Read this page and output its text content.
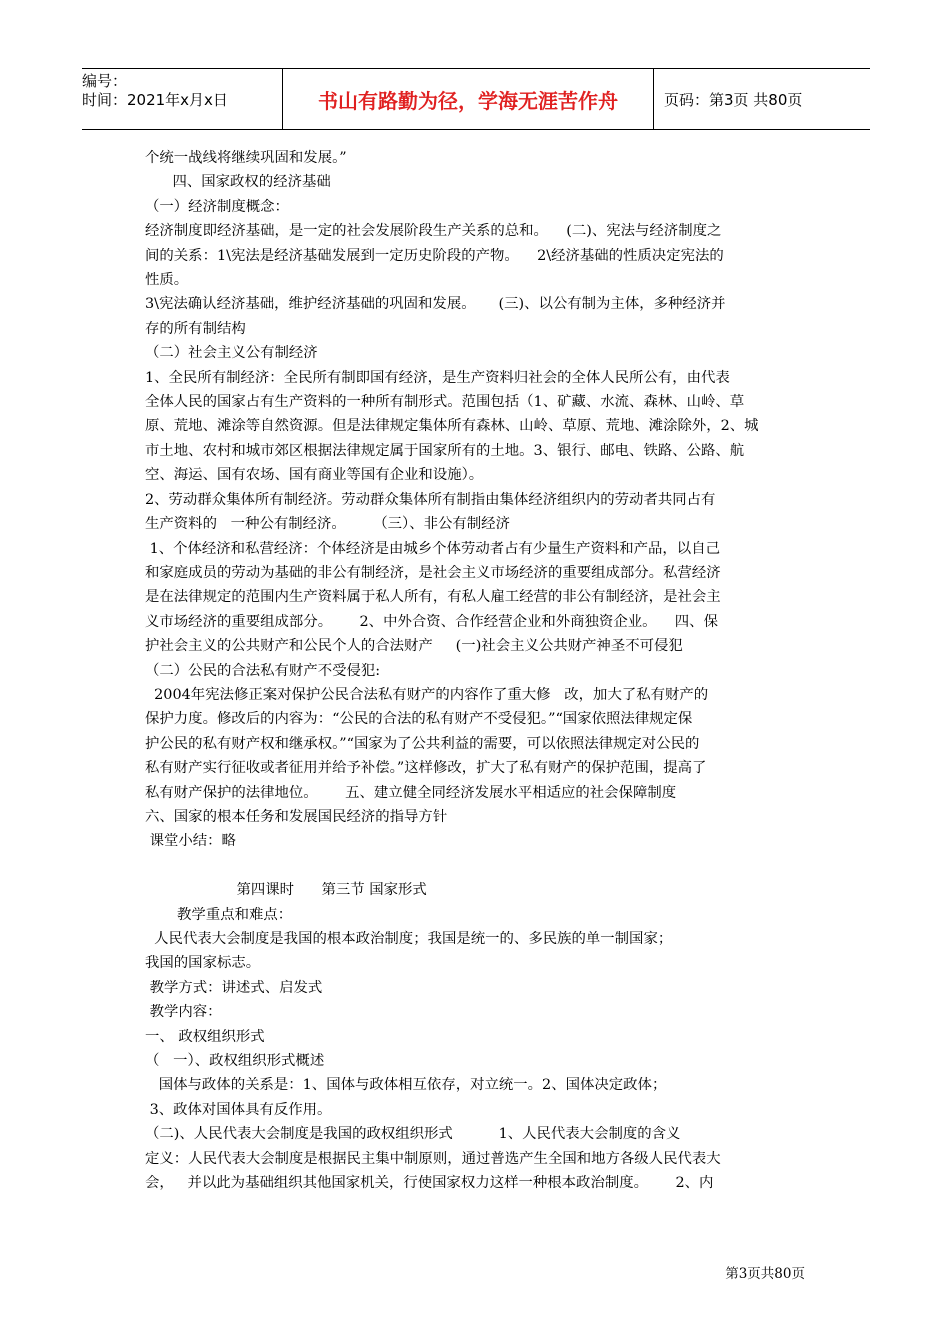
编号：
时间：2021年x月x日	书山有路勤为径，学海无涯苦作舟	页码：第3页 共80页

个统一战线将继续巩固和发展。”

四、国家政权的经济基础

（一）经济制度概念：

经济制度即经济基础，是一定的社会发展阶段生产关系的总和。    (二)、宪法与经济制度之

间的关系：1\宪法是经济基础发展到一定历史阶段的产物。    2\经济基础的性质决定宪法的

性质。

3\宪法确认经济基础，维护经济基础的巩固和发展。     (三)、以公有制为主体，多种经济并

存的所有制结构

（二）社会主义公有制经济

1、全民所有制经济：全民所有制即国有经济，是生产资料归社会的全体人民所公有，由代表

全体人民的国家占有生产资料的一种所有制形式。范围包括（1、矿藏、水流、森林、山岭、草

原、荒地、滩涂等自然资源。但是法律规定集体所有森林、山岭、草原、荒地、滩涂除外，2、城

市土地、农村和城市郊区根据法律规定属于国家所有的土地。3、银行、邮电、铁路、公路、航

空、海运、国有农场、国有商业等国有企业和设施）。

2、劳动群众集体所有制经济。劳动群众集体所有制指由集体经济组织内的劳动者共同占有

生产资料的   一种公有制经济。      （三）、非公有制经济

1、个体经济和私营经济：个体经济是由城乡个体劳动者占有少量生产资料和产品，以自己

和家庭成员的劳动为基础的非公有制经济，是社会主义市场经济的重要组成部分。私营经济

是在法律规定的范围内生产资料属于私人所有，有私人雇工经营的非公有制经济，是社会主

义市场经济的重要组成部分。      2、中外合资、合作经营企业和外商独资企业。    四、保

护社会主义的公共财产和公民个人的合法财产     (一)社会主义公共财产神圣不可侵犯

（二）公民的合法私有财产不受侵犯:

2004年宪法修正案对保护公民合法私有财产的内容作了重大修   改，加大了私有财产的

保护力度。修改后的内容为：“公民的合法的私有财产不受侵犯。”“国家依照法律规定保

护公民的私有财产权和继承权。”“国家为了公共利益的需要，可以依照法律规定对公民的

私有财产实行征收或者征用并给予补偿。”这样修改，扩大了私有财产的保护范围，提高了

私有财产保护的法律地位。      五、建立健全同经济发展水平相适应的社会保障制度

六、国家的根本任务和发展国民经济的指导方针

课堂小结：略

第四课时      第三节 国家形式

教学重点和难点：

人民代表大会制度是我国的根本政治制度；我国是统一的、多民族的单一制国家；

我国的国家标志。

教学方式：讲述式、启发式

教学内容：

一、 政权组织形式

（   一）、政权组织形式概述

国体与政体的关系是：1、国体与政体相互依存，对立统一。2、国体决定政体；

3、政体对国体具有反作用。

（二)、人民代表大会制度是我国的政权组织形式          1、人民代表大会制度的含义

定义：人民代表大会制度是根据民主集中制原则，通过普选产生全国和地方各级人民代表大

会，   并以此为基础组织其他国家机关，行使国家权力这样一种根本政治制度。      2、内

第3页共80页
